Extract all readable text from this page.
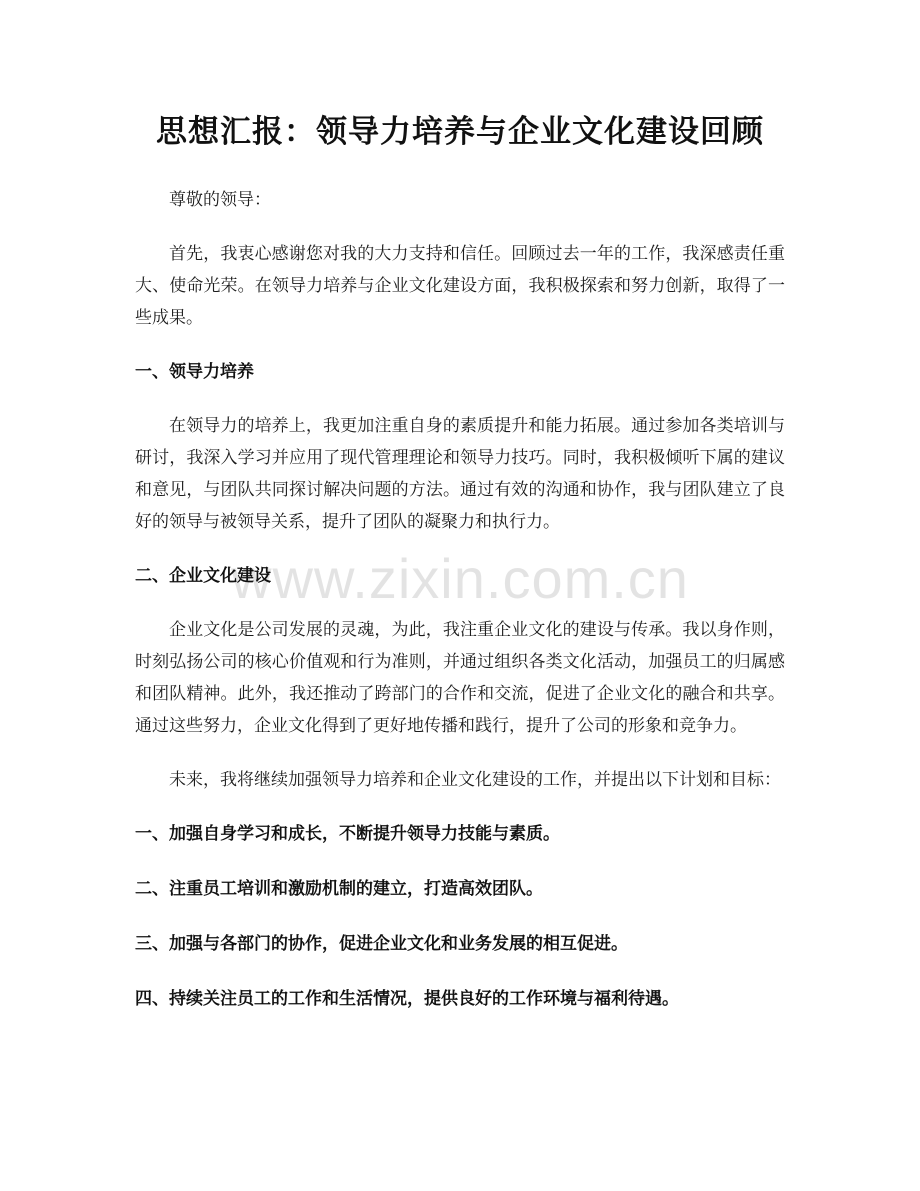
思想汇报：领导力培养与企业文化建设回顾

尊敬的领导：

首先，我衷心感谢您对我的大力支持和信任。回顾过去一年的工作，我深感责任重大、使命光荣。在领导力培养与企业文化建设方面，我积极探索和努力创新，取得了一些成果。

一、领导力培养

在领导力的培养上，我更加注重自身的素质提升和能力拓展。通过参加各类培训与研讨，我深入学习并应用了现代管理理论和领导力技巧。同时，我积极倾听下属的建议和意见，与团队共同探讨解决问题的方法。通过有效的沟通和协作，我与团队建立了良好的领导与被领导关系，提升了团队的凝聚力和执行力。

二、企业文化建设

企业文化是公司发展的灵魂，为此，我注重企业文化的建设与传承。我以身作则，时刻弘扬公司的核心价值观和行为准则，并通过组织各类文化活动，加强员工的归属感和团队精神。此外，我还推动了跨部门的合作和交流，促进了企业文化的融合和共享。通过这些努力，企业文化得到了更好地传播和践行，提升了公司的形象和竞争力。

未来，我将继续加强领导力培养和企业文化建设的工作，并提出以下计划和目标：

一、加强自身学习和成长，不断提升领导力技能与素质。
二、注重员工培训和激励机制的建立，打造高效团队。
三、加强与各部门的协作，促进企业文化和业务发展的相互促进。
四、持续关注员工的工作和生活情况，提供良好的工作环境与福利待遇。
www.zixin.com.cn
